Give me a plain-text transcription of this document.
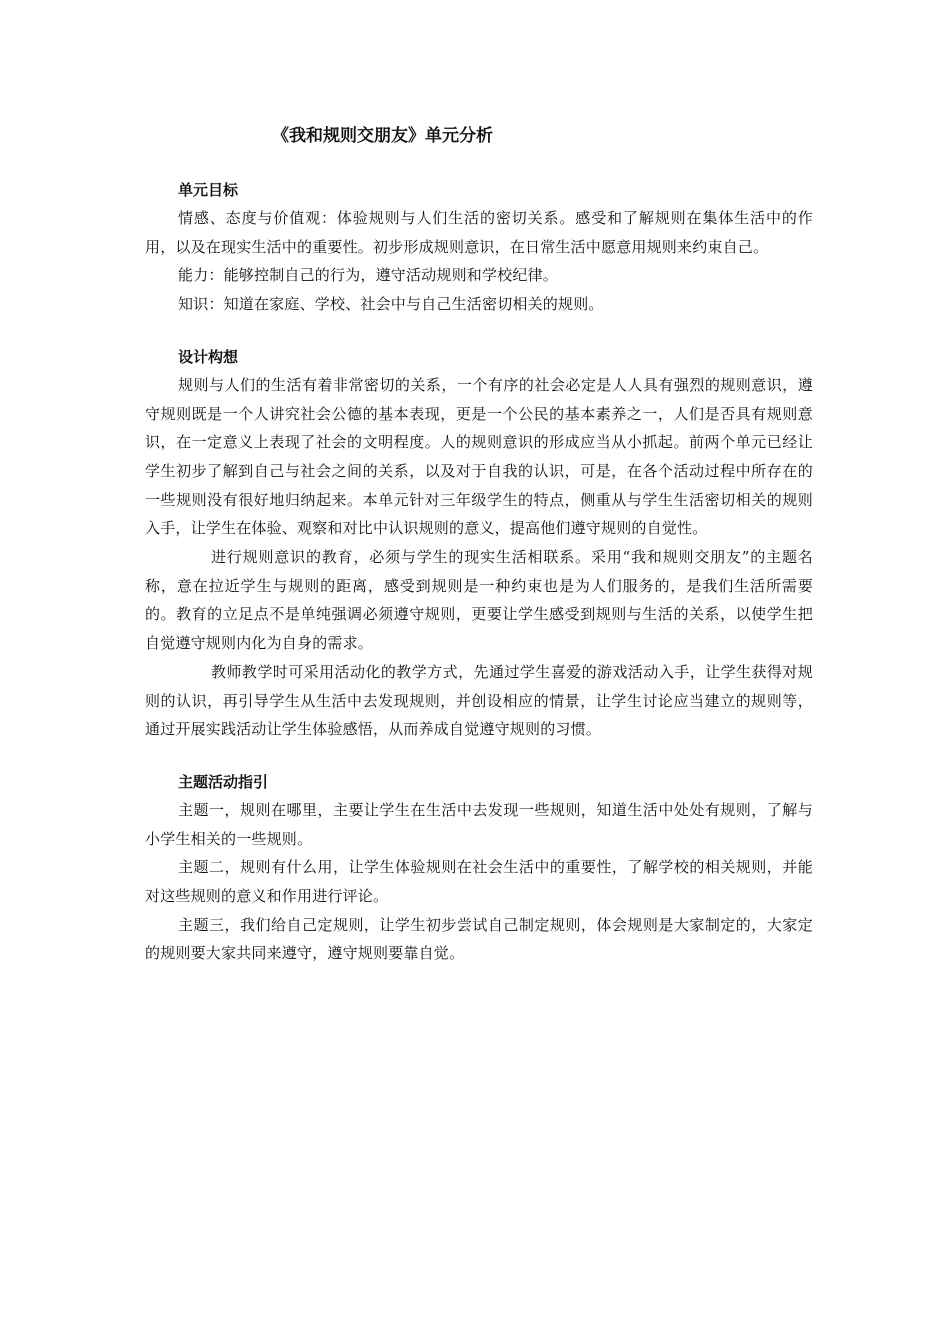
《我和规则交朋友》单元分析
单元目标

情感、态度与价值观：体验规则与人们生活的密切关系。感受和了解规则在集体生活中的作用，以及在现实生活中的重要性。初步形成规则意识，在日常生活中愿意用规则来约束自己。

能力：能够控制自己的行为，遵守活动规则和学校纪律。

知识：知道在家庭、学校、社会中与自己生活密切相关的规则。

设计构想

规则与人们的生活有着非常密切的关系，一个有序的社会必定是人人具有强烈的规则意识，遵守规则既是一个人讲究社会公德的基本表现，更是一个公民的基本素养之一，人们是否具有规则意识，在一定意义上表现了社会的文明程度。人的规则意识的形成应当从小抓起。前两个单元已经让学生初步了解到自己与社会之间的关系，以及对于自我的认识，可是，在各个活动过程中所存在的一些规则没有很好地归纳起来。本单元针对三年级学生的特点，侧重从与学生生活密切相关的规则入手，让学生在体验、观察和对比中认识规则的意义，提高他们遵守规则的自觉性。

进行规则意识的教育，必须与学生的现实生活相联系。采用“我和规则交朋友”的主题名称，意在拉近学生与规则的距离，感受到规则是一种约束也是为人们服务的，是我们生活所需要的。教育的立足点不是单纯强调必须遵守规则，更要让学生感受到规则与生活的关系，以使学生把自觉遵守规则内化为自身的需求。

教师教学时可采用活动化的教学方式，先通过学生喜爱的游戏活动入手，让学生获得对规则的认识，再引导学生从生活中去发现规则，并创设相应的情景，让学生讨论应当建立的规则等，通过开展实践活动让学生体验感悟，从而养成自觉遵守规则的习惯。

主题活动指引

主题一，规则在哪里，主要让学生在生活中去发现一些规则，知道生活中处处有规则，了解与小学生相关的一些规则。

主题二，规则有什么用，让学生体验规则在社会生活中的重要性，了解学校的相关规则，并能对这些规则的意义和作用进行评论。

主题三，我们给自己定规则，让学生初步尝试自己制定规则，体会规则是大家制定的，大家定的规则要大家共同来遵守，遵守规则要靠自觉。
